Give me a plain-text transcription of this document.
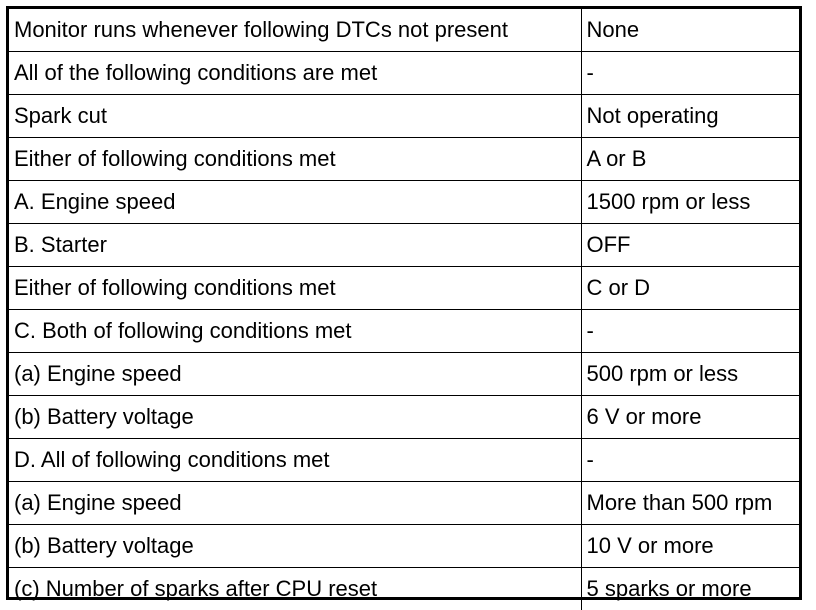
Monitor runs whenever following DTCs not present	None
All of the following conditions are met	-
Spark cut	Not operating
Either of following conditions met	A or B
A. Engine speed	1500 rpm or less
B. Starter	OFF
Either of following conditions met	C or D
C. Both of following conditions met	-
(a) Engine speed	500 rpm or less
(b) Battery voltage	6 V or more
D. All of following conditions met	-
(a) Engine speed	More than 500 rpm
(b) Battery voltage	10 V or more
(c) Number of sparks after CPU reset	5 sparks or more
